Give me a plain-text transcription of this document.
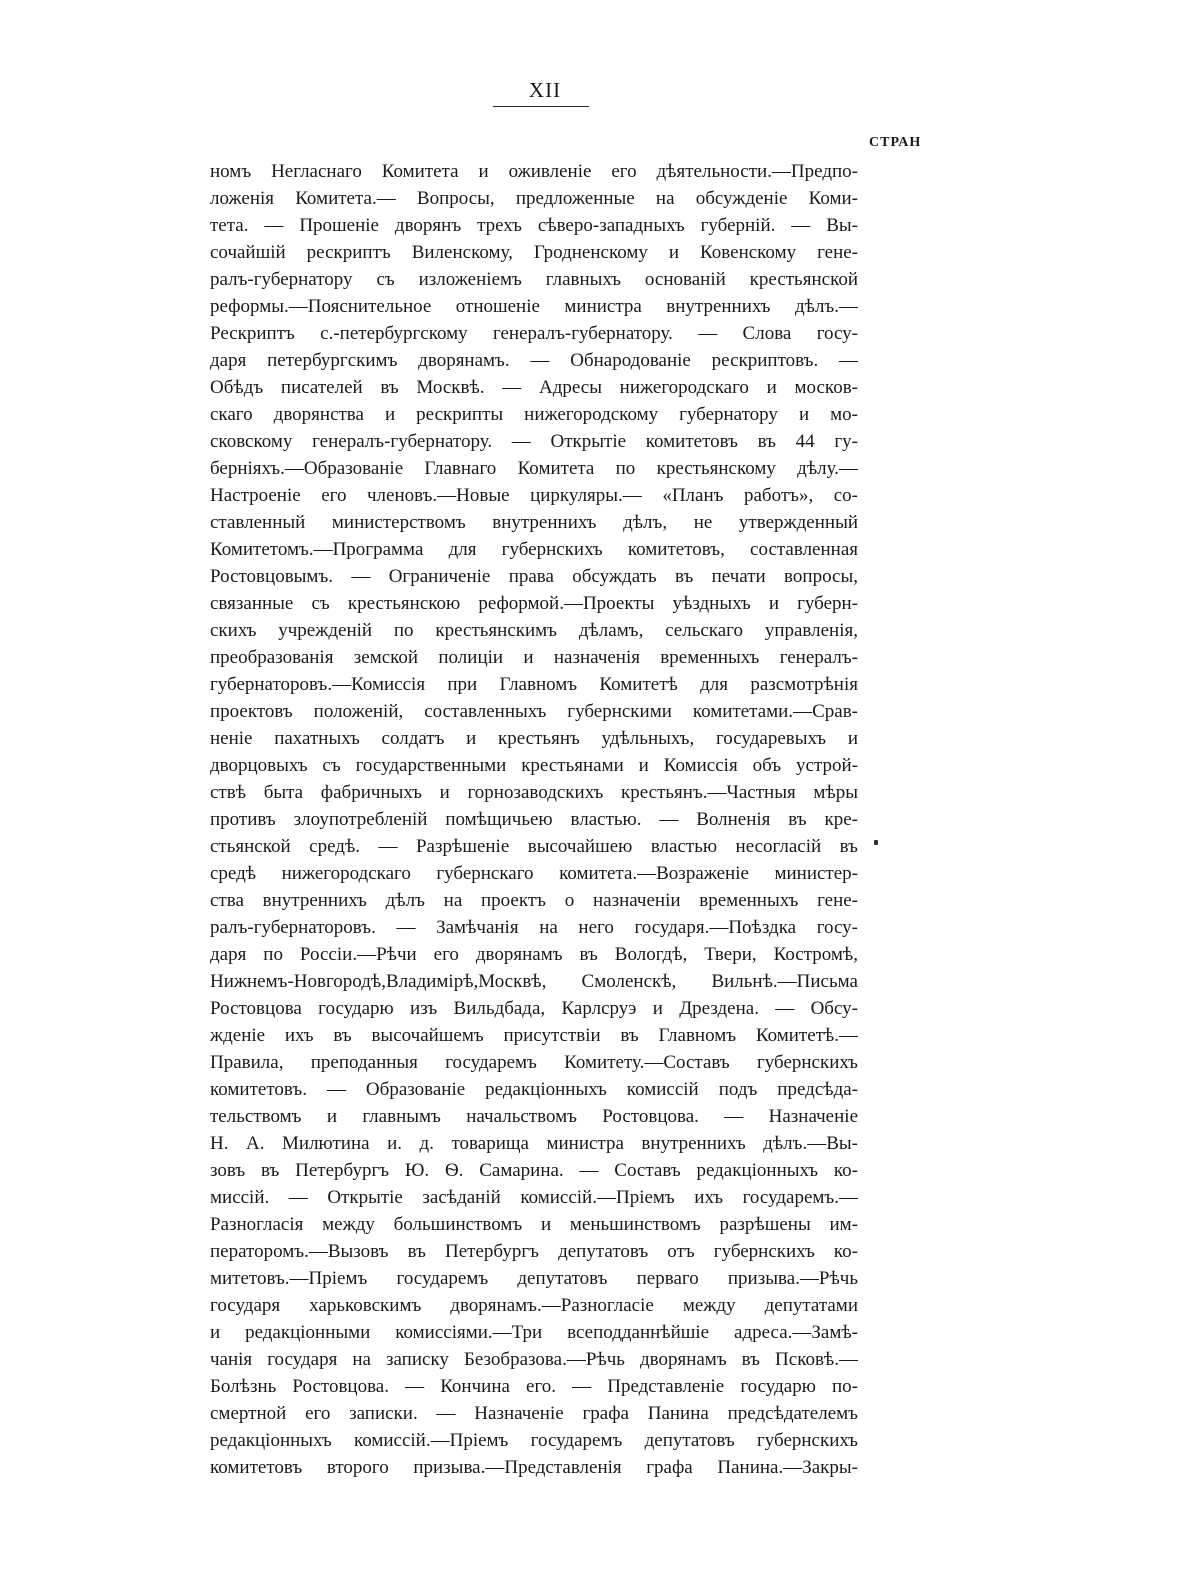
XII
СТРАН
номъ Негласнаго Комитета и оживленіе его дѣятельности.—Предпо-
ложенія Комитета.— Вопросы, предложенные на обсужденіе Коми-
тета. — Прошеніе дворянъ трехъ сѣверо-западныхъ губерній. — Вы-
сочайшій рескриптъ Виленскому, Гродненскому и Ковенскому гене-
ралъ-губернатору съ изложеніемъ главныхъ основаній крестьянской
реформы.—Пояснительное отношеніе министра внутреннихъ дѣлъ.—
Рескриптъ с.-петербургскому генералъ-губернатору. — Слова госу-
даря петербургскимъ дворянамъ. — Обнародованіе рескриптовъ. —
Обѣдъ писателей въ Москвѣ. — Адресы нижегородскаго и москов-
скаго дворянства и рескрипты нижегородскому губернатору и мо-
сковскому генералъ-губернатору. — Открытіе комитетовъ въ 44 гу-
берніяхъ.—Образованіе Главнаго Комитета по крестьянскому дѣлу.—
Настроеніе его членовъ.—Новые циркуляры.— «Планъ работъ», со-
ставленный министерствомъ внутреннихъ дѣлъ, не утвержденный
Комитетомъ.—Программа для губернскихъ комитетовъ, составленная
Ростовцовымъ. — Ограниченіе права обсуждать въ печати вопросы,
связанные съ крестьянскою реформой.—Проекты уѣздныхъ и губерн-
скихъ учрежденій по крестьянскимъ дѣламъ, сельскаго управленія,
преобразованія земской полиціи и назначенія временныхъ генералъ-
губернаторовъ.—Комиссія при Главномъ Комитетѣ для разсмотрѣнія
проектовъ положеній, составленныхъ губернскими комитетами.—Срав-
неніе пахатныхъ солдатъ и крестьянъ удѣльныхъ, государевыхъ и
дворцовыхъ съ государственными крестьянами и Комиссія объ устрой-
ствѣ быта фабричныхъ и горнозаводскихъ крестьянъ.—Частныя мѣры
противъ злоупотребленій помѣщичьею властью. — Волненія въ кре-
стьянской средѣ. — Разрѣшеніе высочайшею властью несогласій въ
средѣ нижегородскаго губернскаго комитета.—Возраженіе министер-
ства внутреннихъ дѣлъ на проектъ о назначеніи временныхъ гене-
ралъ-губернаторовъ. — Замѣчанія на него государя.—Поѣздка госу-
даря по Россіи.—Рѣчи его дворянамъ въ Вологдѣ, Твери, Костромѣ,
Нижнемъ-Новгородѣ,Владимірѣ,Москвѣ, Смоленскѣ, Вильнѣ.—Письма
Ростовцова государю изъ Вильдбада, Карлсруэ и Дрездена. — Обсу-
жденіе ихъ въ высочайшемъ присутствіи въ Главномъ Комитетѣ.—
Правила, преподанныя государемъ Комитету.—Составъ губернскихъ
комитетовъ. — Образованіе редакціонныхъ комиссій подъ предсѣда-
тельствомъ и главнымъ начальствомъ Ростовцова. — Назначеніе
Н. А. Милютина и. д. товарища министра внутреннихъ дѣлъ.—Вы-
зовъ въ Петербургъ Ю. Ѳ. Самарина. — Составъ редакціонныхъ ко-
миссій. — Открытіе засѣданій комиссій.—Пріемъ ихъ государемъ.—
Разногласія между большинствомъ и меньшинствомъ разрѣшены им-
ператоромъ.—Вызовъ въ Петербургъ депутатовъ отъ губернскихъ ко-
митетовъ.—Пріемъ государемъ депутатовъ перваго призыва.—Рѣчь
государя харьковскимъ дворянамъ.—Разногласіе между депутатами
и редакціонными комиссіями.—Три всеподданнѣйшіе адреса.—Замѣ-
чанія государя на записку Безобразова.—Рѣчь дворянамъ въ Псковѣ.—
Болѣзнь Ростовцова. — Кончина его. — Представленіе государю по-
смертной его записки. — Назначеніе графа Панина предсѣдателемъ
редакціонныхъ комиссій.—Пріемъ государемъ депутатовъ губернскихъ
комитетовъ второго призыва.—Представленія графа Панина.—Закры-
